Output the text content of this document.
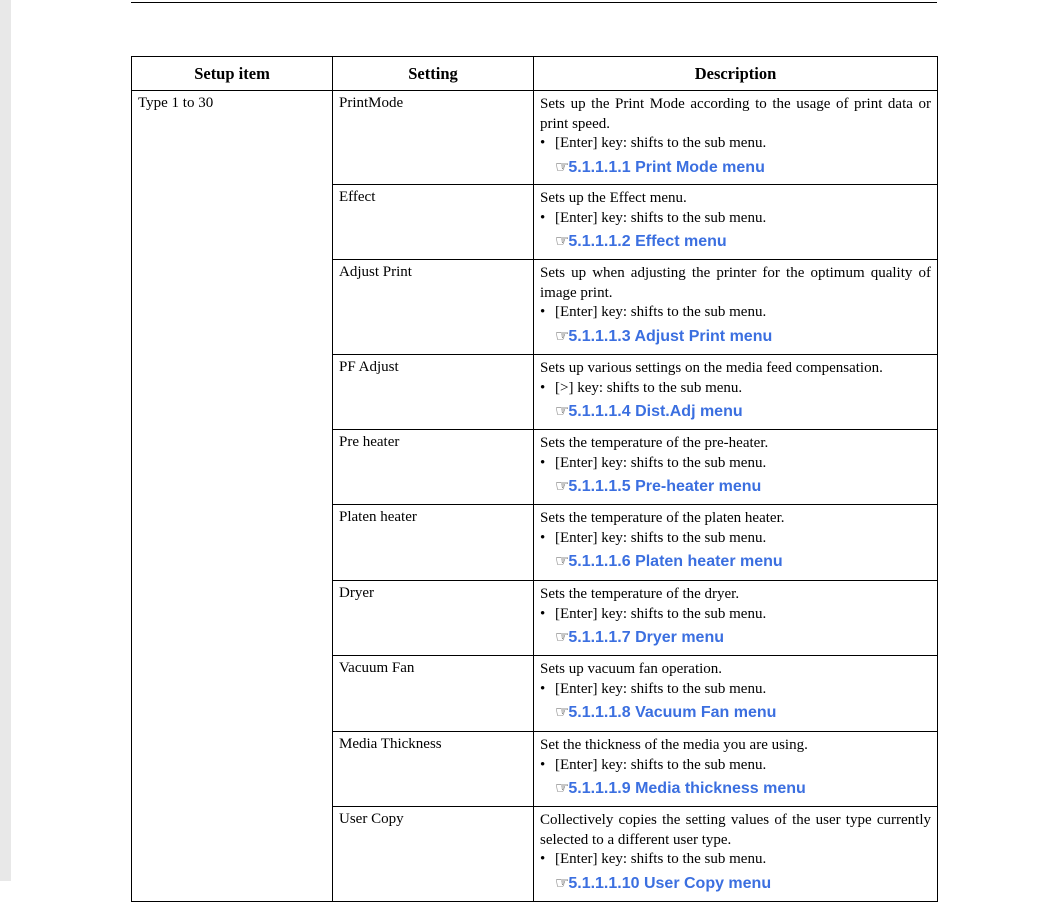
Setup item	Setting	Description
Type 1 to 30	PrintMode	Sets up the Print Mode according to the usage of print data or print speed.
• [Enter] key: shifts to the sub menu.
☞5.1.1.1.1 Print Mode menu

	Effect	Sets up the Effect menu.
• [Enter] key: shifts to the sub menu.
☞5.1.1.1.2 Effect menu

	Adjust Print	Sets up when adjusting the printer for the optimum quality of image print.
• [Enter] key: shifts to the sub menu.
☞5.1.1.1.3 Adjust Print menu

	PF Adjust	Sets up various settings on the media feed compensation.
• [>] key: shifts to the sub menu.
☞5.1.1.1.4 Dist.Adj menu

	Pre heater	Sets the temperature of the pre-heater.
• [Enter] key: shifts to the sub menu.
☞5.1.1.1.5 Pre-heater menu

	Platen heater	Sets the temperature of the platen heater.
• [Enter] key: shifts to the sub menu.
☞5.1.1.1.6 Platen heater menu

	Dryer	Sets the temperature of the dryer.
• [Enter] key: shifts to the sub menu.
☞5.1.1.1.7 Dryer menu

	Vacuum Fan	Sets up vacuum fan operation.
• [Enter] key: shifts to the sub menu.
☞5.1.1.1.8 Vacuum Fan menu

	Media Thickness	Set the thickness of the media you are using.
• [Enter] key: shifts to the sub menu.
☞5.1.1.1.9 Media thickness menu

	User Copy	Collectively copies the setting values of the user type currently selected to a different user type.
• [Enter] key: shifts to the sub menu.
☞5.1.1.1.10 User Copy menu
